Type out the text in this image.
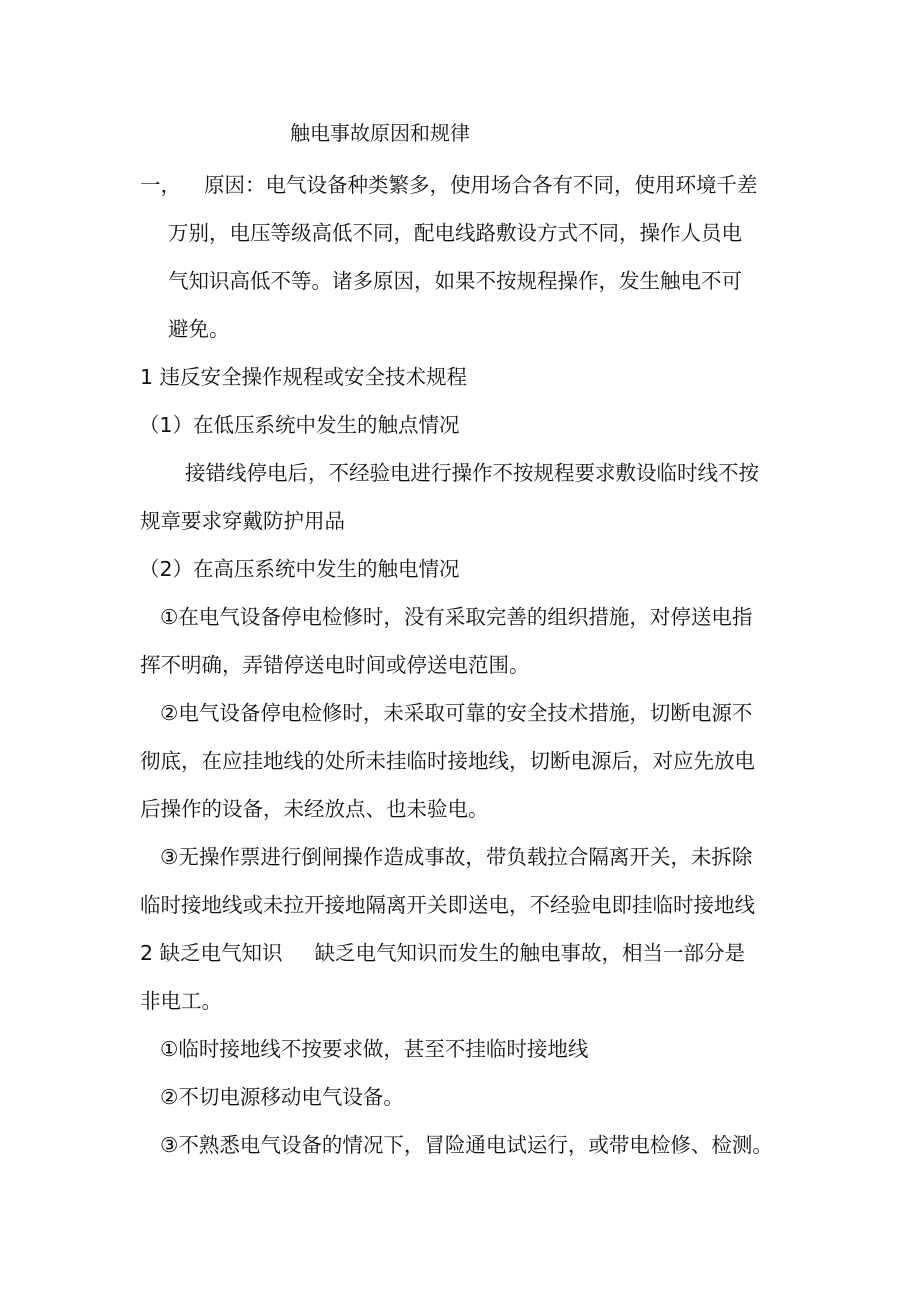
触电事故原因和规律
一， 原因：电气设备种类繁多，使用场合各有不同，使用环境千差
万别，电压等级高低不同，配电线路敷设方式不同，操作人员电
气知识高低不等。诸多原因，如果不按规程操作，发生触电不可
避免。
1 违反安全操作规程或安全技术规程
（1）在低压系统中发生的触点情况
接错线停电后，不经验电进行操作不按规程要求敷设临时线不按
规章要求穿戴防护用品
（2）在高压系统中发生的触电情况
①在电气设备停电检修时，没有采取完善的组织措施，对停送电指
挥不明确，弄错停送电时间或停送电范围。
②电气设备停电检修时，未采取可靠的安全技术措施，切断电源不
彻底，在应挂地线的处所未挂临时接地线，切断电源后，对应先放电
后操作的设备，未经放点、也未验电。
③无操作票进行倒闸操作造成事故，带负载拉合隔离开关，未拆除
临时接地线或未拉开接地隔离开关即送电，不经验电即挂临时接地线
2 缺乏电气知识 缺乏电气知识而发生的触电事故，相当一部分是
非电工。
①临时接地线不按要求做，甚至不挂临时接地线
②不切电源移动电气设备。
③不熟悉电气设备的情况下，冒险通电试运行，或带电检修、检测。
